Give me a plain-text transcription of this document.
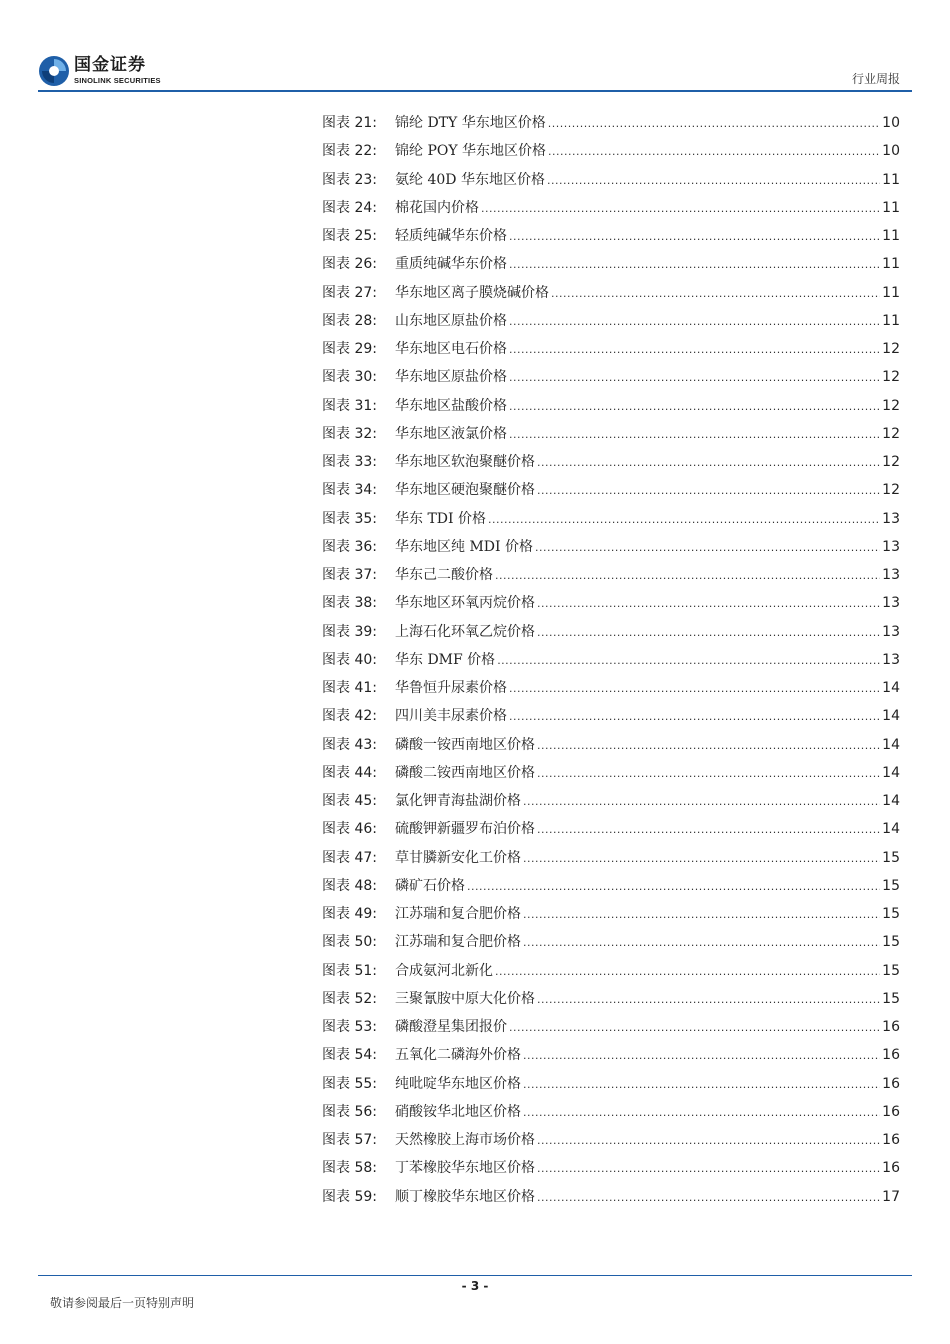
国金证券
SINOLINK SECURITIES	行业周报
图表 21:	锦纶 DTY 华东地区价格 .....	10
图表 22:	锦纶 POY 华东地区价格 .....	10
图表 23:	氨纶 40D 华东地区价格 .....	11
图表 24:	棉花国内价格 .....	11
图表 25:	轻质纯碱华东价格 .....	11
图表 26:	重质纯碱华东价格 .....	11
图表 27:	华东地区离子膜烧碱价格 .....	11
图表 28:	山东地区原盐价格 .....	11
图表 29:	华东地区电石价格 .....	12
图表 30:	华东地区原盐价格 .....	12
图表 31:	华东地区盐酸价格 .....	12
图表 32:	华东地区液氯价格 .....	12
图表 33:	华东地区软泡聚醚价格 .....	12
图表 34:	华东地区硬泡聚醚价格 .....	12
图表 35:	华东 TDI 价格 .....	13
图表 36:	华东地区纯 MDI 价格 .....	13
图表 37:	华东己二酸价格 .....	13
图表 38:	华东地区环氧丙烷价格 .....	13
图表 39:	上海石化环氧乙烷价格 .....	13
图表 40:	华东 DMF 价格 .....	13
图表 41:	华鲁恒升尿素价格 .....	14
图表 42:	四川美丰尿素价格 .....	14
图表 43:	磷酸一铵西南地区价格 .....	14
图表 44:	磷酸二铵西南地区价格 .....	14
图表 45:	氯化钾青海盐湖价格 .....	14
图表 46:	硫酸钾新疆罗布泊价格 .....	14
图表 47:	草甘膦新安化工价格 .....	15
图表 48:	磷矿石价格 .....	15
图表 49:	江苏瑞和复合肥价格 .....	15
图表 50:	江苏瑞和复合肥价格 .....	15
图表 51:	合成氨河北新化 .....	15
图表 52:	三聚氰胺中原大化价格 .....	15
图表 53:	磷酸澄星集团报价 .....	16
图表 54:	五氧化二磷海外价格 .....	16
图表 55:	纯吡啶华东地区价格 .....	16
图表 56:	硝酸铵华北地区价格 .....	16
图表 57:	天然橡胶上海市场价格 .....	16
图表 58:	丁苯橡胶华东地区价格 .....	16
图表 59:	顺丁橡胶华东地区价格 .....	17
- 3 -
敬请参阅最后一页特别声明
